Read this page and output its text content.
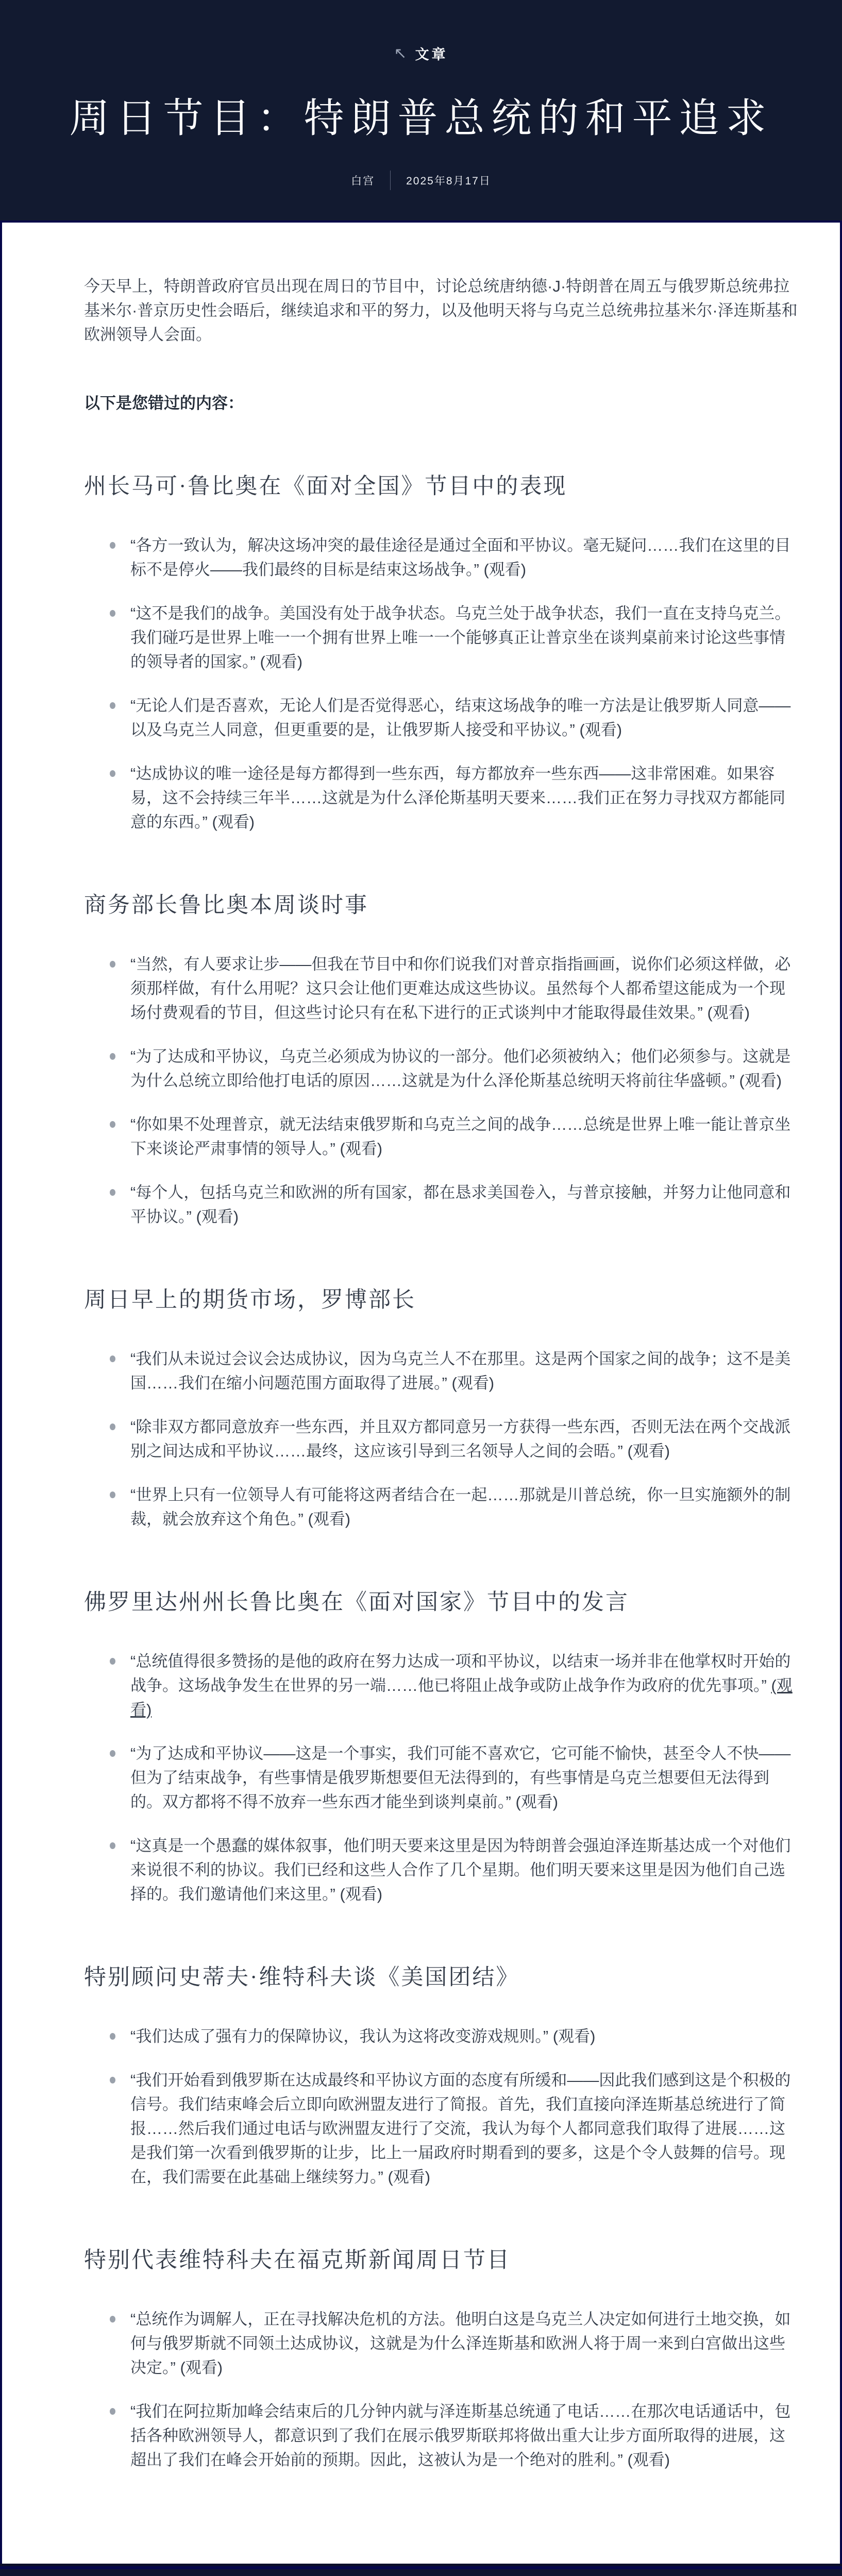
↖ 文章
周日节目：特朗普总统的和平追求
白宫	2025年8月17日

今天早上，特朗普政府官员出现在周日的节目中，讨论总统唐纳德·J·特朗普在周五与俄罗斯总统弗拉基米尔·普京历史性会晤后，继续追求和平的努力，以及他明天将与乌克兰总统弗拉基米尔·泽连斯基和欧洲领导人会面。

以下是您错过的内容：

州长马可·鲁比奥在《面对全国》节目中的表现

“各方一致认为，解决这场冲突的最佳途径是通过全面和平协议。毫无疑问……我们在这里的目标不是停火——我们最终的目标是结束这场战争。” (观看)

“这不是我们的战争。美国没有处于战争状态。乌克兰处于战争状态，我们一直在支持乌克兰。我们碰巧是世界上唯一一个拥有世界上唯一一个能够真正让普京坐在谈判桌前来讨论这些事情的领导者的国家。” (观看)

“无论人们是否喜欢，无论人们是否觉得恶心，结束这场战争的唯一方法是让俄罗斯人同意——以及乌克兰人同意，但更重要的是，让俄罗斯人接受和平协议。” (观看)

“达成协议的唯一途径是每方都得到一些东西，每方都放弃一些东西——这非常困难。如果容易，这不会持续三年半……这就是为什么泽伦斯基明天要来……我们正在努力寻找双方都能同意的东西。” (观看)

商务部长鲁比奥本周谈时事

“当然，有人要求让步——但我在节目中和你们说我们对普京指指画画，说你们必须这样做，必须那样做，有什么用呢？这只会让他们更难达成这些协议。虽然每个人都希望这能成为一个现场付费观看的节目，但这些讨论只有在私下进行的正式谈判中才能取得最佳效果。” (观看)

“为了达成和平协议，乌克兰必须成为协议的一部分。他们必须被纳入；他们必须参与。这就是为什么总统立即给他打电话的原因……这就是为什么泽伦斯基总统明天将前往华盛顿。” (观看)

“你如果不处理普京，就无法结束俄罗斯和乌克兰之间的战争……总统是世界上唯一能让普京坐下来谈论严肃事情的领导人。” (观看)

“每个人，包括乌克兰和欧洲的所有国家，都在恳求美国卷入，与普京接触，并努力让他同意和平协议。” (观看)

周日早上的期货市场，罗博部长

“我们从未说过会议会达成协议，因为乌克兰人不在那里。这是两个国家之间的战争；这不是美国……我们在缩小问题范围方面取得了进展。” (观看)

“除非双方都同意放弃一些东西，并且双方都同意另一方获得一些东西，否则无法在两个交战派别之间达成和平协议……最终，这应该引导到三名领导人之间的会晤。” (观看)

“世界上只有一位领导人有可能将这两者结合在一起……那就是川普总统，你一旦实施额外的制裁，就会放弃这个角色。” (观看)

佛罗里达州州长鲁比奥在《面对国家》节目中的发言

“总统值得很多赞扬的是他的政府在努力达成一项和平协议，以结束一场并非在他掌权时开始的战争。这场战争发生在世界的另一端……他已将阻止战争或防止战争作为政府的优先事项。” (观看)

“为了达成和平协议——这是一个事实，我们可能不喜欢它，它可能不愉快，甚至令人不快——但为了结束战争，有些事情是俄罗斯想要但无法得到的，有些事情是乌克兰想要但无法得到的。双方都将不得不放弃一些东西才能坐到谈判桌前。” (观看)

“这真是一个愚蠢的媒体叙事，他们明天要来这里是因为特朗普会强迫泽连斯基达成一个对他们来说很不利的协议。我们已经和这些人合作了几个星期。他们明天要来这里是因为他们自己选择的。我们邀请他们来这里。” (观看)

特别顾问史蒂夫·维特科夫谈《美国团结》

“我们达成了强有力的保障协议，我认为这将改变游戏规则。” (观看)

“我们开始看到俄罗斯在达成最终和平协议方面的态度有所缓和——因此我们感到这是个积极的信号。我们结束峰会后立即向欧洲盟友进行了简报。首先，我们直接向泽连斯基总统进行了简报……然后我们通过电话与欧洲盟友进行了交流，我认为每个人都同意我们取得了进展……这是我们第一次看到俄罗斯的让步，比上一届政府时期看到的要多，这是个令人鼓舞的信号。现在，我们需要在此基础上继续努力。” (观看)

特别代表维特科夫在福克斯新闻周日节目

“总统作为调解人，正在寻找解决危机的方法。他明白这是乌克兰人决定如何进行土地交换，如何与俄罗斯就不同领土达成协议，这就是为什么泽连斯基和欧洲人将于周一来到白宫做出这些决定。” (观看)

“我们在阿拉斯加峰会结束后的几分钟内就与泽连斯基总统通了电话……在那次电话通话中，包括各种欧洲领导人，都意识到了我们在展示俄罗斯联邦将做出重大让步方面所取得的进展，这超出了我们在峰会开始前的预期。因此，这被认为是一个绝对的胜利。” (观看)
